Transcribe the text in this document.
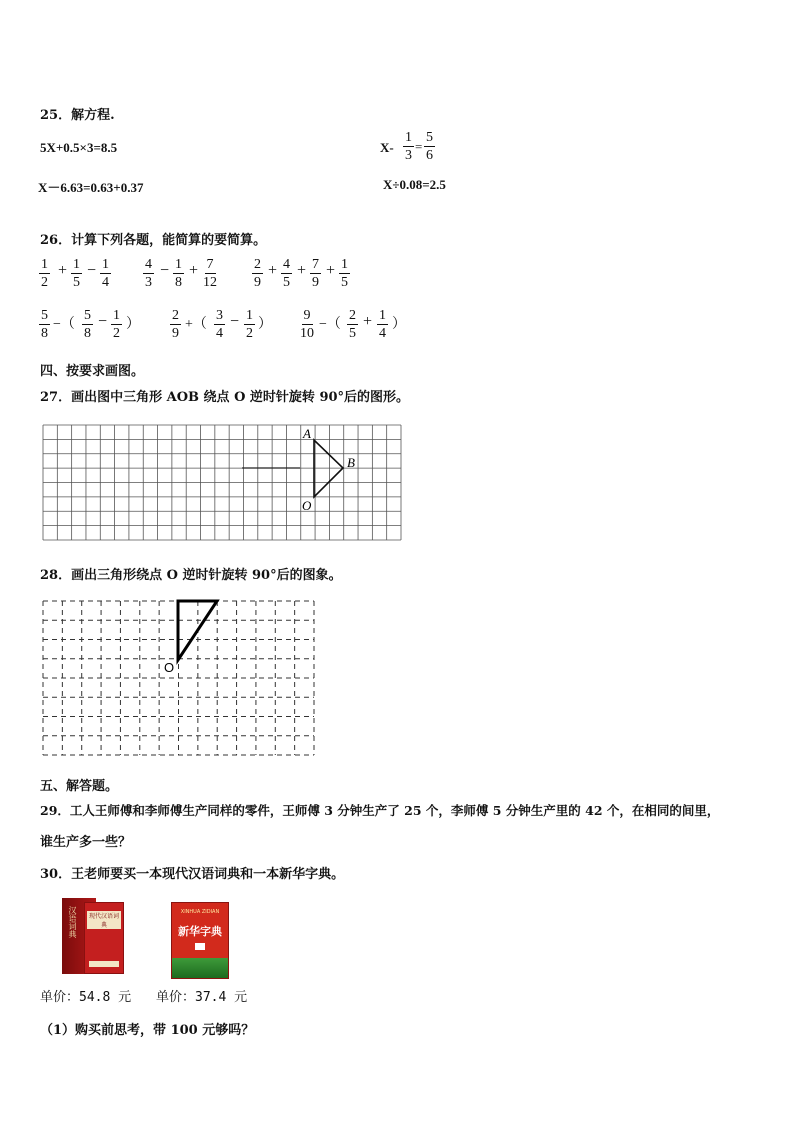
25．解方程.
5X+0.5×3=8.5	$X- \frac{1}{3} = \frac{5}{6}$
X－6.63=0.63+0.37	X÷0.08=2.5
26．计算下列各题，能简算的要简算。
$\frac{1}{2} + \frac{1}{5} - \frac{1}{4} \frac{4}{3} - \frac{1}{8} + \frac{7}{12} \frac{2}{9} + \frac{4}{5} + \frac{7}{9} + \frac{1}{5}$
$\frac{5}{8}$ −（ $\frac{5}{8} - \frac{1}{2}$ ） $\frac{2}{9}$ +（ $\frac{3}{4} - \frac{1}{2}$ ） $\frac{9}{10}$ −（ $\frac{2}{5} + \frac{1}{4}$ ）
四、按要求画图。
27．画出图中三角形 AOB 绕点 O 逆时针旋转 90°后的图形。
A
B
O
28．画出三角形绕点 O 逆时针旋转 90°后的图象。
O
五、解答题。
29．工人王师傅和李师傅生产同样的零件，王师傅 3 分钟生产了 25 个，李师傅 5 分钟生产里的 42 个，在相同的间里，
谁生产多一些？
30．王老师要买一本现代汉语词典和一本新华字典。
汉语词典	现代汉语词典
单价：54.8 元
XINHUA ZIDIAN
新华字典
单价：37.4 元
（1）购买前思考，带 100 元够吗？
